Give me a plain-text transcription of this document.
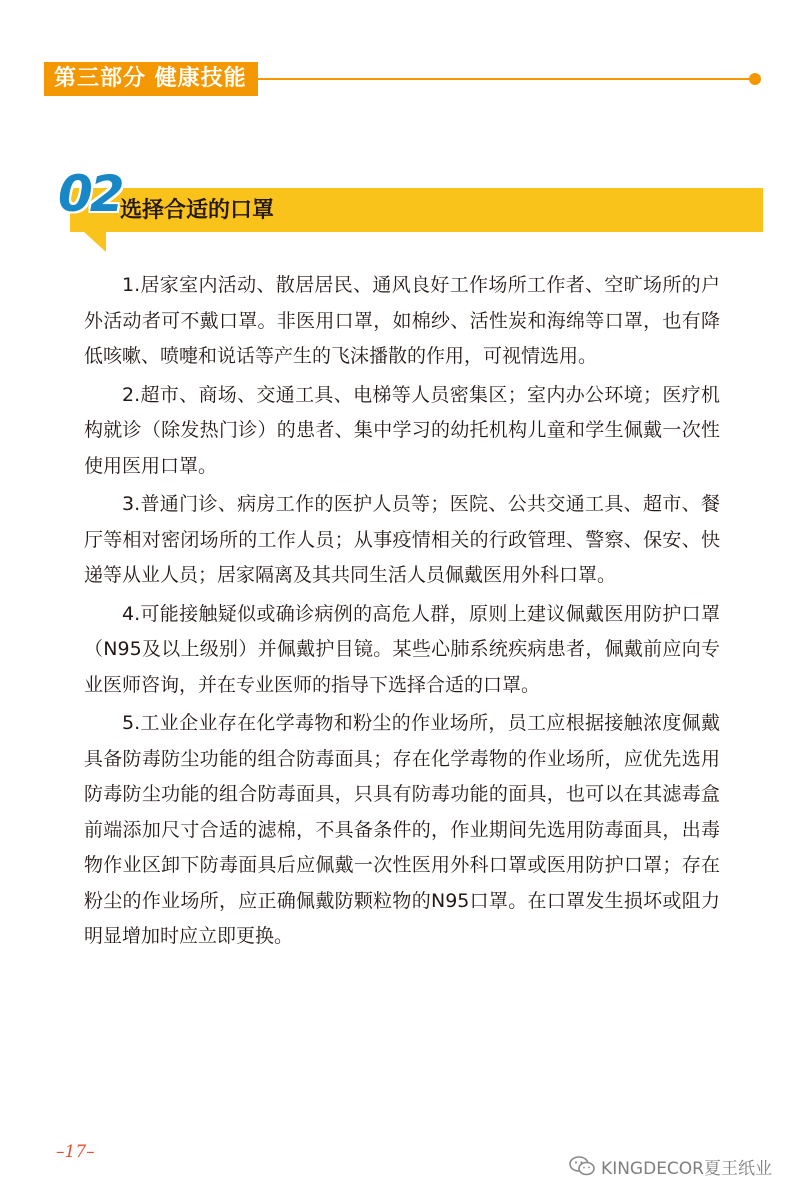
第三部分 健康技能
02
选择合适的口罩

1.居家室内活动、散居居民、通风良好工作场所工作者、空旷场所的户外活动者可不戴口罩。非医用口罩，如棉纱、活性炭和海绵等口罩，也有降低咳嗽、喷嚏和说话等产生的飞沫播散的作用，可视情选用。

2.超市、商场、交通工具、电梯等人员密集区；室内办公环境；医疗机构就诊（除发热门诊）的患者、集中学习的幼托机构儿童和学生佩戴一次性使用医用口罩。

3.普通门诊、病房工作的医护人员等；医院、公共交通工具、超市、餐厅等相对密闭场所的工作人员；从事疫情相关的行政管理、警察、保安、快递等从业人员；居家隔离及其共同生活人员佩戴医用外科口罩。

4.可能接触疑似或确诊病例的高危人群，原则上建议佩戴医用防护口罩（N95及以上级别）并佩戴护目镜。某些心肺系统疾病患者，佩戴前应向专业医师咨询，并在专业医师的指导下选择合适的口罩。

5.工业企业存在化学毒物和粉尘的作业场所，员工应根据接触浓度佩戴具备防毒防尘功能的组合防毒面具；存在化学毒物的作业场所，应优先选用防毒防尘功能的组合防毒面具，只具有防毒功能的面具，也可以在其滤毒盒前端添加尺寸合适的滤棉，不具备条件的，作业期间先选用防毒面具，出毒物作业区卸下防毒面具后应佩戴一次性医用外科口罩或医用防护口罩；存在粉尘的作业场所，应正确佩戴防颗粒物的N95口罩。在口罩发生损坏或阻力明显增加时应立即更换。

–17–
KINGDECOR夏王纸业
